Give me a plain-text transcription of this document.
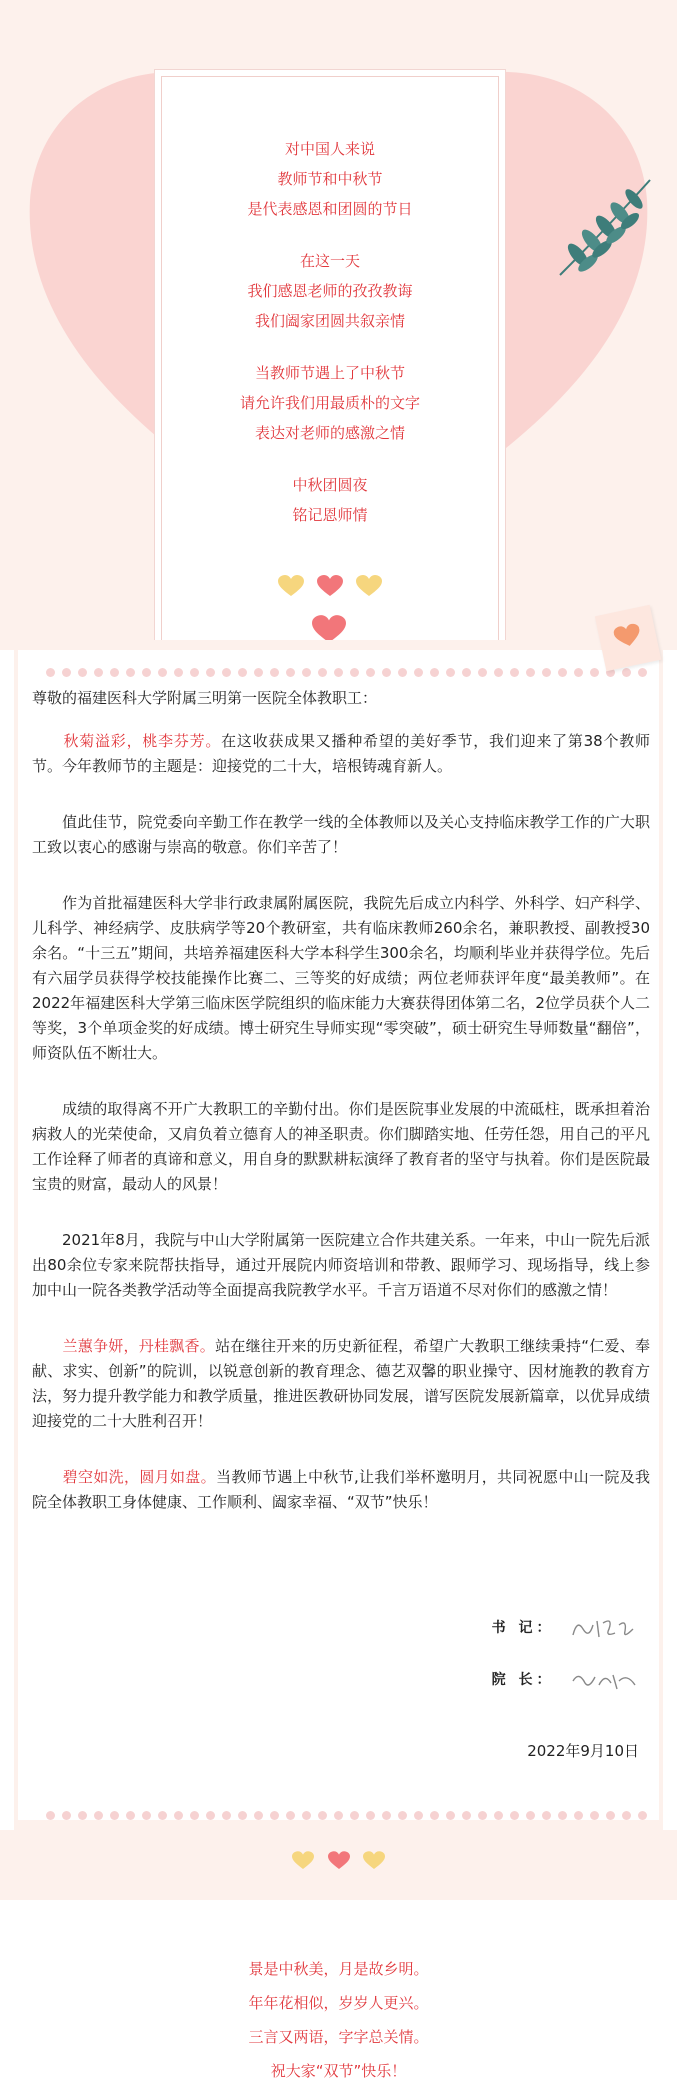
对中国人来说

教师节和中秋节

是代表感恩和团圆的节日

在这一天

我们感恩老师的孜孜教诲

我们阖家团圆共叙亲情

当教师节遇上了中秋节

请允许我们用最质朴的文字

表达对老师的感激之情

中秋团圆夜

铭记恩师情

尊敬的福建医科大学附属三明第一医院全体教职工：

　　秋菊溢彩，桃李芬芳。在这收获成果又播种希望的美好季节，我们迎来了第38个教师节。今年教师节的主题是：迎接党的二十大，培根铸魂育新人。

　　值此佳节，院党委向辛勤工作在教学一线的全体教师以及关心支持临床教学工作的广大职工致以衷心的感谢与崇高的敬意。你们辛苦了！

　　作为首批福建医科大学非行政隶属附属医院，我院先后成立内科学、外科学、妇产科学、儿科学、神经病学、皮肤病学等20个教研室，共有临床教师260余名，兼职教授、副教授30余名。“十三五”期间，共培养福建医科大学本科学生300余名，均顺利毕业并获得学位。先后有六届学员获得学校技能操作比赛二、三等奖的好成绩；两位老师获评年度“最美教师”。在2022年福建医科大学第三临床医学院组织的临床能力大赛获得团体第二名，2位学员获个人二等奖，3个单项金奖的好成绩。博士研究生导师实现“零突破”，硕士研究生导师数量“翻倍”，师资队伍不断壮大。

　　成绩的取得离不开广大教职工的辛勤付出。你们是医院事业发展的中流砥柱，既承担着治病救人的光荣使命，又肩负着立德育人的神圣职责。你们脚踏实地、任劳任怨，用自己的平凡工作诠释了师者的真谛和意义，用自身的默默耕耘演绎了教育者的坚守与执着。你们是医院最宝贵的财富，最动人的风景！

　　2021年8月，我院与中山大学附属第一医院建立合作共建关系。一年来，中山一院先后派出80余位专家来院帮扶指导，通过开展院内师资培训和带教、跟师学习、现场指导，线上参加中山一院各类教学活动等全面提高我院教学水平。千言万语道不尽对你们的感激之情！

　　兰蕙争妍，丹桂飘香。站在继往开来的历史新征程，希望广大教职工继续秉持“仁爱、奉献、求实、创新”的院训，以锐意创新的教育理念、德艺双馨的职业操守、因材施教的教育方法，努力提升教学能力和教学质量，推进医教研协同发展，谱写医院发展新篇章，以优异成绩迎接党的二十大胜利召开！

　　碧空如洗，圆月如盘。当教师节遇上中秋节,让我们举杯邀明月，共同祝愿中山一院及我院全体教职工身体健康、工作顺利、阖家幸福、“双节”快乐！

书 记：
院 长：
2022年9月10日

景是中秋美，月是故乡明。

年年花相似，岁岁人更兴。

三言又两语，字字总关情。

祝大家“双节”快乐！
